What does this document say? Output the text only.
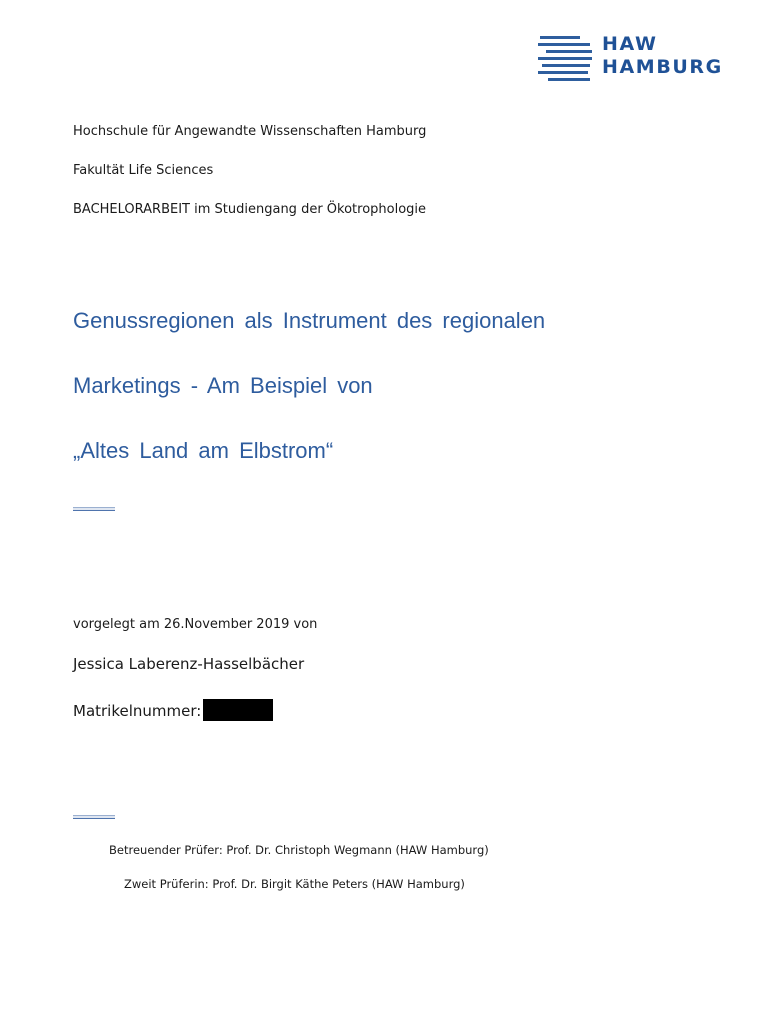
HAW
HAMBURG
Hochschule für Angewandte Wissenschaften Hamburg
Fakultät Life Sciences
BACHELORARBEIT im Studiengang der Ökotrophologie
Genussregionen als Instrument des regionalen
Marketings - Am Beispiel von
„Altes Land am Elbstrom“
vorgelegt am 26.November 2019 von
Jessica Laberenz-Hasselbächer
Matrikelnummer:
Betreuender Prüfer: Prof. Dr. Christoph Wegmann (HAW Hamburg)
Zweit Prüferin: Prof. Dr. Birgit Käthe Peters (HAW Hamburg)
